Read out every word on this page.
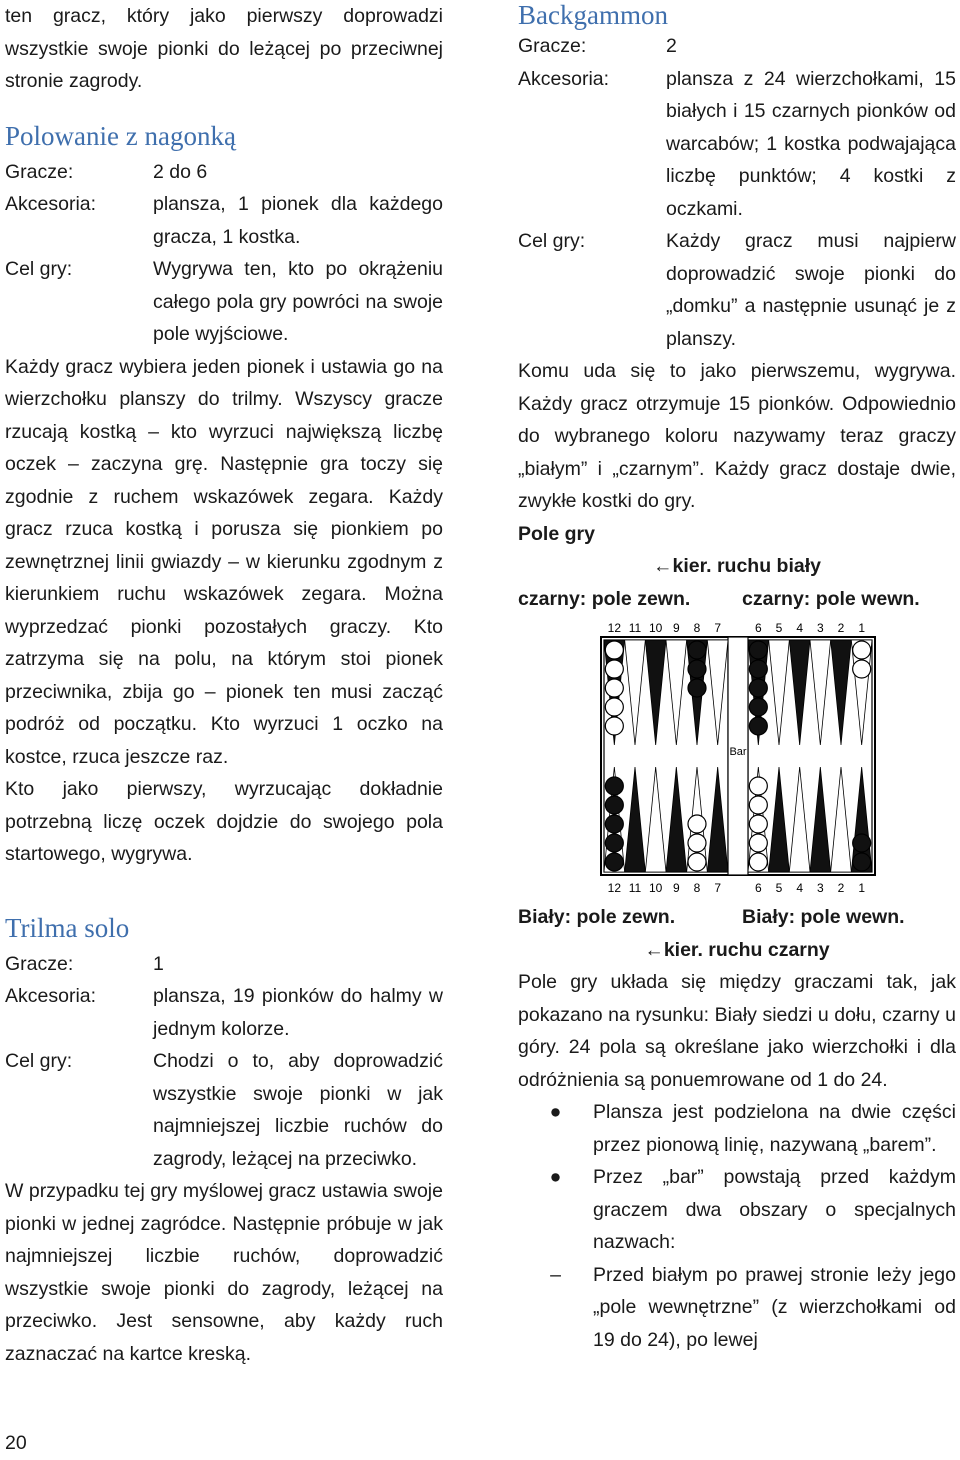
ten gracz, który jako pierwszy doprowadzi wszystkie swoje pionki do leżącej po przeciwnej stronie zagrody.

Polowanie z nagonką
Gracze:	2 do 6
Akcesoria:	plansza, 1 pionek dla każdego gracza, 1 kostka.
Cel gry:	Wygrywa ten, kto po okrążeniu całego pola gry powróci na swoje pole wyjściowe.

Każdy gracz wybiera jeden pionek i ustawia go na wierzchołku planszy do trilmy. Wszyscy gracze rzucają kostką – kto wyrzuci największą liczbę oczek – zaczyna grę. Następnie gra toczy się zgodnie z ruchem wskazówek zegara. Każdy gracz rzuca kostką i porusza się pionkiem po zewnętrznej linii gwiazdy – w kierunku zgodnym z kierunkiem ruchu wskazówek zegara. Można wyprzedzać pionki pozostałych graczy. Kto zatrzyma się na polu, na którym stoi pionek przeciwnika, zbija go – pionek ten musi zacząć podróż od początku. Kto wyrzuci 1 oczko na kostce, rzuca jeszcze raz.

Kto jako pierwszy, wyrzucając dokładnie potrzebną liczę oczek dojdzie do swojego pola startowego, wygrywa.

Trilma solo
Gracze:	1
Akcesoria:	plansza, 19 pionków do halmy w jednym kolorze.
Cel gry:	Chodzi o to, aby doprowadzić wszystkie swoje pionki w jak najmniejszej liczbie ruchów do zagrody, leżącej na przeciwko.

W przypadku tej gry myślowej gracz ustawia swoje pionki w jednej zagródce. Następnie próbuje w jak najmniejszej liczbie ruchów, doprowadzić wszystkie swoje pionki do zagrody, leżącej na przeciwko. Jest sensowne, aby każdy ruch zaznaczać na kartce kreską.

20
Backgammon
Gracze:	2
Akcesoria:	plansza z 24 wierzchołkami, 15 białych i 15 czarnych pionków od warcabów; 1 kostka podwajająca liczbę punktów; 4 kostki z oczkami.
Cel gry:	Każdy gracz musi najpierw doprowadzić swoje pionki do „domku” a następnie usunąć je z planszy.

Komu uda się to jako pierwszemu, wygrywa. Każdy gracz otrzymuje 15 pionków. Odpowiednio do wybranego koloru nazywamy teraz graczy „białym” i „czarnym”. Każdy gracz dostaje dwie, zwykłe kostki do gry.

Pole gry

←kier. ruchu biały

czarny: pole zewn.	czarny: pole wewn.
12 11 10 9 8 7	6 5 4 3 2 1
Bar
12 11 10 9 8 7	6 5 4 3 2 1
Biały: pole zewn.	Biały: pole wewn.

←kier. ruchu czarny

Pole gry układa się między graczami tak, jak pokazano na rysunku: Biały siedzi u dołu, czarny u góry. 24 pola są określane jako wierzchołki i dla odróżnienia są ponuemrowane od 1 do 24.

●	Plansza jest podzielona na dwie części przez pionową linię, nazywaną „barem”.
●	Przez „bar” powstają przed każdym graczem dwa obszary o specjalnych nazwach:
–	Przed białym po prawej stronie leży jego „pole wewnętrzne” (z wierzchołkami od 19 do 24), po lewej
